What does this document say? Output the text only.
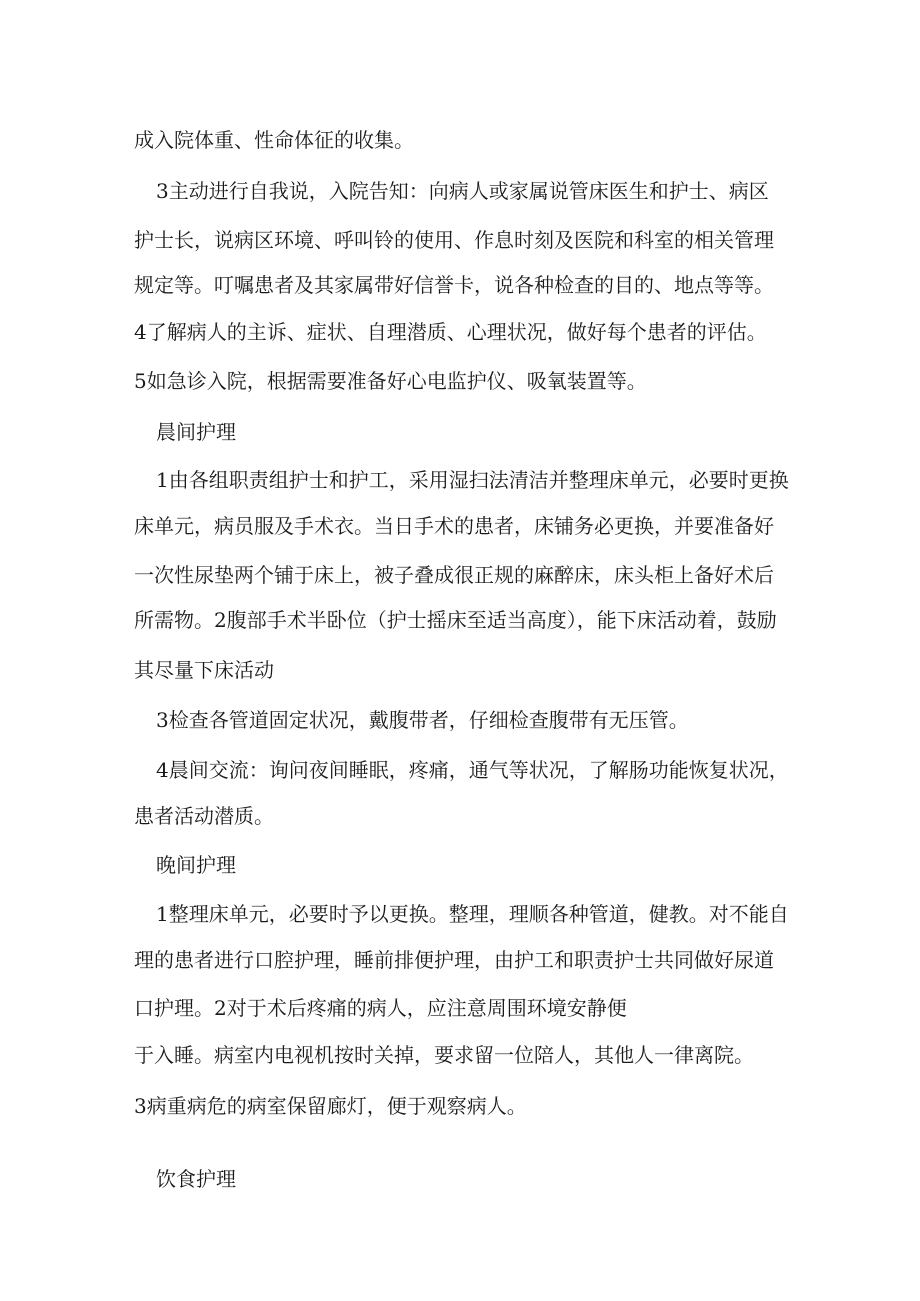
成入院体重、性命体征的收集。
3主动进行自我说，入院告知：向病人或家属说管床医生和护士、病区
护士长，说病区环境、呼叫铃的使用、作息时刻及医院和科室的相关管理
规定等。叮嘱患者及其家属带好信誉卡，说各种检查的目的、地点等等。
4了解病人的主诉、症状、自理潜质、心理状况，做好每个患者的评估。
5如急诊入院，根据需要准备好心电监护仪、吸氧装置等。
晨间护理
1由各组职责组护士和护工，采用湿扫法清洁并整理床单元，必要时更换
床单元，病员服及手术衣。当日手术的患者，床铺务必更换，并要准备好
一次性尿垫两个铺于床上，被子叠成很正规的麻醉床，床头柜上备好术后
所需物。2腹部手术半卧位（护士摇床至适当高度），能下床活动着，鼓励
其尽量下床活动
3检查各管道固定状况，戴腹带者，仔细检查腹带有无压管。
4晨间交流：询问夜间睡眠，疼痛，通气等状况，了解肠功能恢复状况，
患者活动潜质。
晚间护理
1整理床单元，必要时予以更换。整理，理顺各种管道，健教。对不能自
理的患者进行口腔护理，睡前排便护理，由护工和职责护士共同做好尿道
口护理。2对于术后疼痛的病人，应注意周围环境安静便
于入睡。病室内电视机按时关掉，要求留一位陪人，其他人一律离院。
3病重病危的病室保留廊灯，便于观察病人。
饮食护理
